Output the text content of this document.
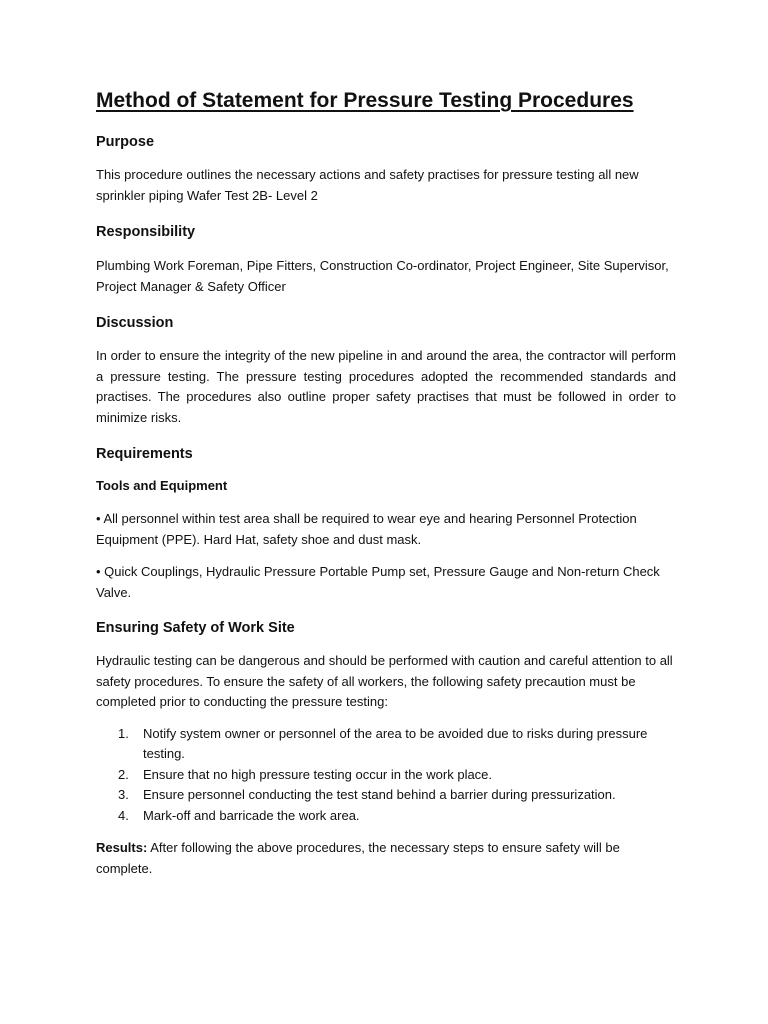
Method of Statement for Pressure Testing Procedures
Purpose

This procedure outlines the necessary actions and safety practises for pressure testing all new sprinkler piping Wafer Test 2B- Level 2

Responsibility

Plumbing Work Foreman, Pipe Fitters, Construction Co-ordinator, Project Engineer, Site Supervisor, Project Manager & Safety Officer

Discussion

In order to ensure the integrity of the new pipeline in and around the area, the contractor will perform a pressure testing. The pressure testing procedures adopted the recommended standards and practises. The procedures also outline proper safety practises that must be followed in order to minimize risks.

Requirements

Tools and Equipment

• All personnel within test area shall be required to wear eye and hearing Personnel Protection Equipment (PPE). Hard Hat, safety shoe and dust mask.

• Quick Couplings, Hydraulic Pressure Portable Pump set, Pressure Gauge and Non-return Check Valve.

Ensuring Safety of Work Site

Hydraulic testing can be dangerous and should be performed with caution and careful attention to all safety procedures. To ensure the safety of all workers, the following safety precaution must be completed prior to conducting the pressure testing:

1. Notify system owner or personnel of the area to be avoided due to risks during pressure testing.
2. Ensure that no high pressure testing occur in the work place.
3. Ensure personnel conducting the test stand behind a barrier during pressurization.
4. Mark-off and barricade the work area.

Results: After following the above procedures, the necessary steps to ensure safety will be complete.
